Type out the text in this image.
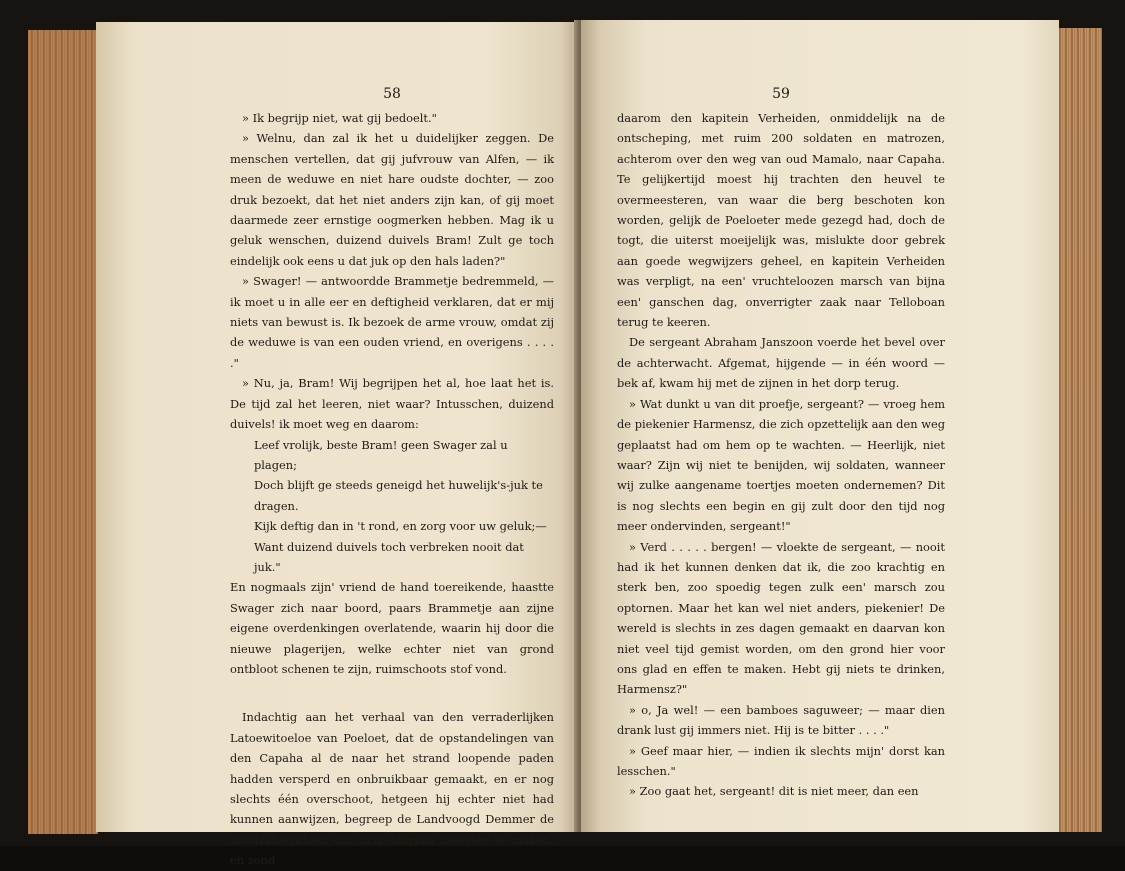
58

» Ik begrijp niet, wat gij bedoelt."

» Welnu, dan zal ik het u duidelijker zeggen. De menschen vertellen, dat gij jufvrouw van Alfen, — ik meen de weduwe en niet hare oudste dochter, — zoo druk bezoekt, dat het niet anders zijn kan, of gij moet daarmede zeer ernstige oogmerken hebben. Mag ik u geluk wenschen, duizend duivels Bram! Zult ge toch eindelijk ook eens u dat juk op den hals laden?"

» Swager! — antwoordde Brammetje bedremmeld, — ik moet u in alle eer en deftigheid verklaren, dat er mij niets van bewust is. Ik bezoek de arme vrouw, omdat zij de weduwe is van een ouden vriend, en overigens . . . . ."

» Nu, ja, Bram! Wij begrijpen het al, hoe laat het is. De tijd zal het leeren, niet waar? Intusschen, duizend duivels! ik moet weg en daarom:

Leef vrolijk, beste Bram! geen Swager zal u plagen;
Doch blijft ge steeds geneigd het huwelijk's-juk te dragen.
Kijk deftig dan in 't rond, en zorg voor uw geluk;—
Want duizend duivels toch verbreken nooit dat juk."

En nogmaals zijn' vriend de hand toereikende, haastte Swager zich naar boord, paars Brammetje aan zijne eigene overdenkingen overlatende, waarin hij door die nieuwe plagerijen, welke echter niet van grond ontbloot schenen te zijn, ruimschoots stof vond.

Indachtig aan het verhaal van den verraderlijken Latoewitoeloe van Poeloet, dat de opstandelingen van den Capaha al de naar het strand loopende paden hadden versperd en onbruikbaar gemaakt, en er nog slechts één overschoot, hetgeen hij echter niet had kunnen aanwijzen, begreep de Landvoogd Demmer de noodzakelijkheid om zich daarvan meester te maken, en zond

59

daarom den kapitein Verheiden, onmiddelijk na de ontscheping, met ruim 200 soldaten en matrozen, achterom over den weg van oud Mamalo, naar Capaha. Te gelijkertijd moest hij trachten den heuvel te overmeesteren, van waar die berg beschoten kon worden, gelijk de Poeloeter mede gezegd had, doch de togt, die uiterst moeijelijk was, mislukte door gebrek aan goede wegwijzers geheel, en kapitein Verheiden was verpligt, na een' vruchteloozen marsch van bijna een' ganschen dag, onverrigter zaak naar Telloboan terug te keeren.

De sergeant Abraham Janszoon voerde het bevel over de achterwacht. Afgemat, hijgende — in één woord — bek af, kwam hij met de zijnen in het dorp terug.

» Wat dunkt u van dit proefje, sergeant? — vroeg hem de piekenier Harmensz, die zich opzettelijk aan den weg geplaatst had om hem op te wachten. — Heerlijk, niet waar? Zijn wij niet te benijden, wij soldaten, wanneer wij zulke aangename toertjes moeten ondernemen? Dit is nog slechts een begin en gij zult door den tijd nog meer ondervinden, sergeant!"

» Verd . . . . . bergen! — vloekte de sergeant, — nooit had ik het kunnen denken dat ik, die zoo krachtig en sterk ben, zoo spoedig tegen zulk een' marsch zou optornen. Maar het kan wel niet anders, piekenier! De wereld is slechts in zes dagen gemaakt en daarvan kon niet veel tijd gemist worden, om den grond hier voor ons glad en effen te maken. Hebt gij niets te drinken, Harmensz?"

» o, Ja wel! — een bamboes saguweer; — maar dien drank lust gij immers niet. Hij is te bitter . . . ."

» Geef maar hier, — indien ik slechts mijn' dorst kan lesschen."

» Zoo gaat het, sergeant! dit is niet meer, dan een
